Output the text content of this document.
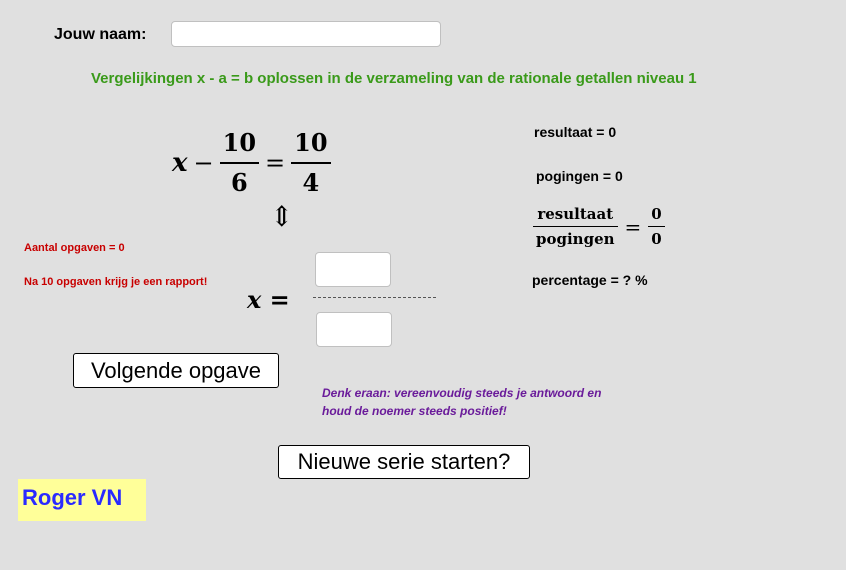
Jouw naam:
Vergelijkingen x - a = b oplossen in de verzameling van de rationale getallen niveau 1
$x - \frac{10}{6} = \frac{10}{4}$
⇕
Aantal opgaven = 0
Na 10 opgaven krijg je een rapport!
x =
Volgende opgave
Nieuwe serie starten?
Denk eraan: vereenvoudig steeds je antwoord en
houd de noemer steeds positief!
resultaat = 0
pogingen = 0
$\frac{\text{resultaat}}{\text{pogingen}} = \frac{0}{0}$
percentage = ? %
Roger VN
